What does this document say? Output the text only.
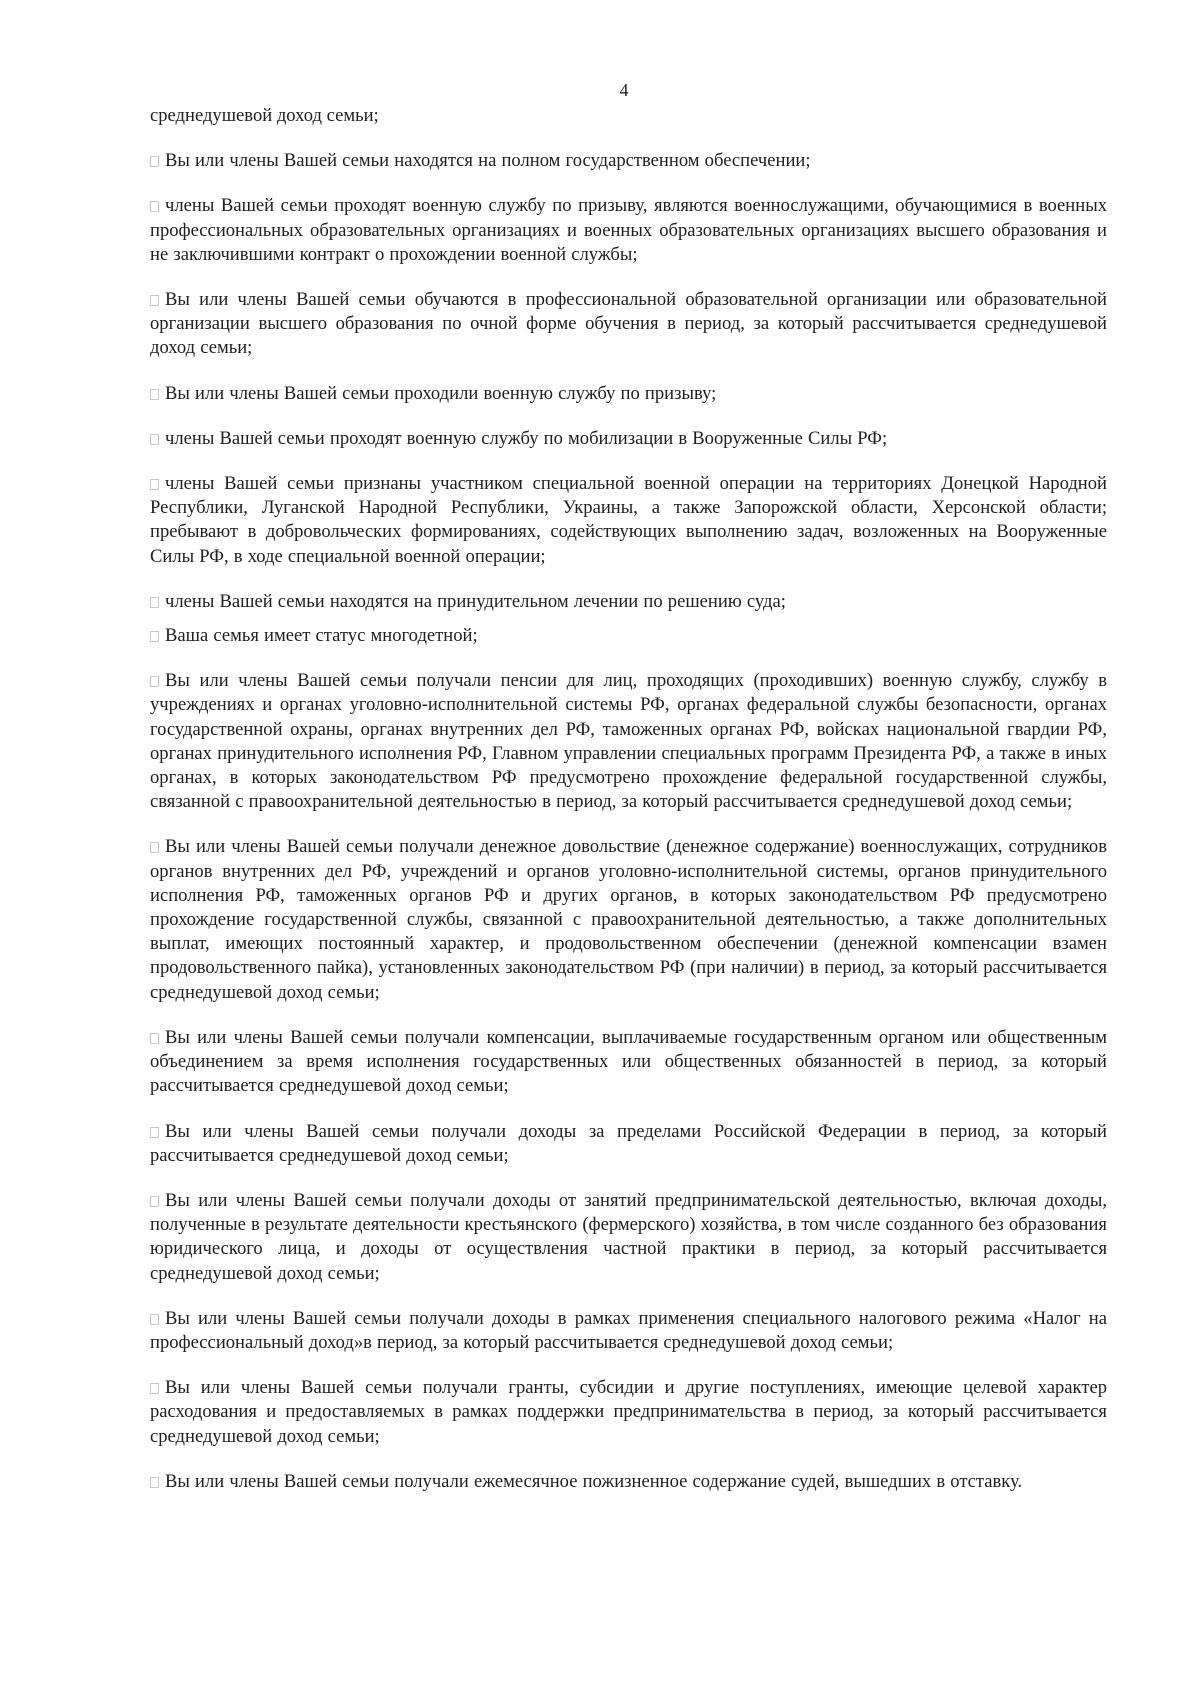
4
среднедушевой доход семьи;
Вы или члены Вашей семьи находятся на полном государственном обеспечении;
члены Вашей семьи проходят военную службу по призыву, являются военнослужащими, обучающимися в военных профессиональных образовательных организациях и военных образовательных организациях высшего образования и не заключившими контракт о прохождении военной службы;
Вы или члены Вашей семьи обучаются в профессиональной образовательной организации или образовательной организации высшего образования по очной форме обучения в период, за который рассчитывается среднедушевой доход семьи;
Вы или члены Вашей семьи проходили военную службу по призыву;
члены Вашей семьи проходят военную службу по мобилизации в Вооруженные Силы РФ;
члены Вашей семьи признаны участником специальной военной операции на территориях Донецкой Народной Республики, Луганской Народной Республики, Украины, а также Запорожской области, Херсонской области; пребывают в добровольческих формированиях, содействующих выполнению задач, возложенных на Вооруженные Силы РФ, в ходе специальной военной операции;
члены Вашей семьи находятся на принудительном лечении по решению суда;
Ваша семья имеет статус многодетной;
Вы или члены Вашей семьи получали пенсии для лиц, проходящих (проходивших) военную службу, службу в учреждениях и органах уголовно-исполнительной системы РФ, органах федеральной службы безопасности, органах государственной охраны, органах внутренних дел РФ, таможенных органах РФ, войсках национальной гвардии РФ, органах принудительного исполнения РФ, Главном управлении специальных программ Президента РФ, а также в иных органах, в которых законодательством РФ предусмотрено прохождение федеральной государственной службы, связанной с правоохранительной деятельностью в период, за который рассчитывается среднедушевой доход семьи;
Вы или члены Вашей семьи получали денежное довольствие (денежное содержание) военнослужащих, сотрудников органов внутренних дел РФ, учреждений и органов уголовно-исполнительной системы, органов принудительного исполнения РФ, таможенных органов РФ и других органов, в которых законодательством РФ предусмотрено прохождение государственной службы, связанной с правоохранительной деятельностью, а также дополнительных выплат, имеющих постоянный характер, и продовольственном обеспечении (денежной компенсации взамен продовольственного пайка), установленных законодательством РФ (при наличии) в период, за который рассчитывается среднедушевой доход семьи;
Вы или члены Вашей семьи получали компенсации, выплачиваемые государственным органом или общественным объединением за время исполнения государственных или общественных обязанностей в период, за который рассчитывается среднедушевой доход семьи;
Вы или члены Вашей семьи получали доходы за пределами Российской Федерации в период, за который рассчитывается среднедушевой доход семьи;
Вы или члены Вашей семьи получали доходы от занятий предпринимательской деятельностью, включая доходы, полученные в результате деятельности крестьянского (фермерского) хозяйства, в том числе созданного без образования юридического лица, и доходы от осуществления частной практики в период, за который рассчитывается среднедушевой доход семьи;
Вы или члены Вашей семьи получали доходы в рамках применения специального налогового режима «Налог на профессиональный доход»в период, за который рассчитывается среднедушевой доход семьи;
Вы или члены Вашей семьи получали гранты, субсидии и другие поступлениях, имеющие целевой характер расходования и предоставляемых в рамках поддержки предпринимательства в период, за который рассчитывается среднедушевой доход семьи;
Вы или члены Вашей семьи получали ежемесячное пожизненное содержание судей, вышедших в отставку.
